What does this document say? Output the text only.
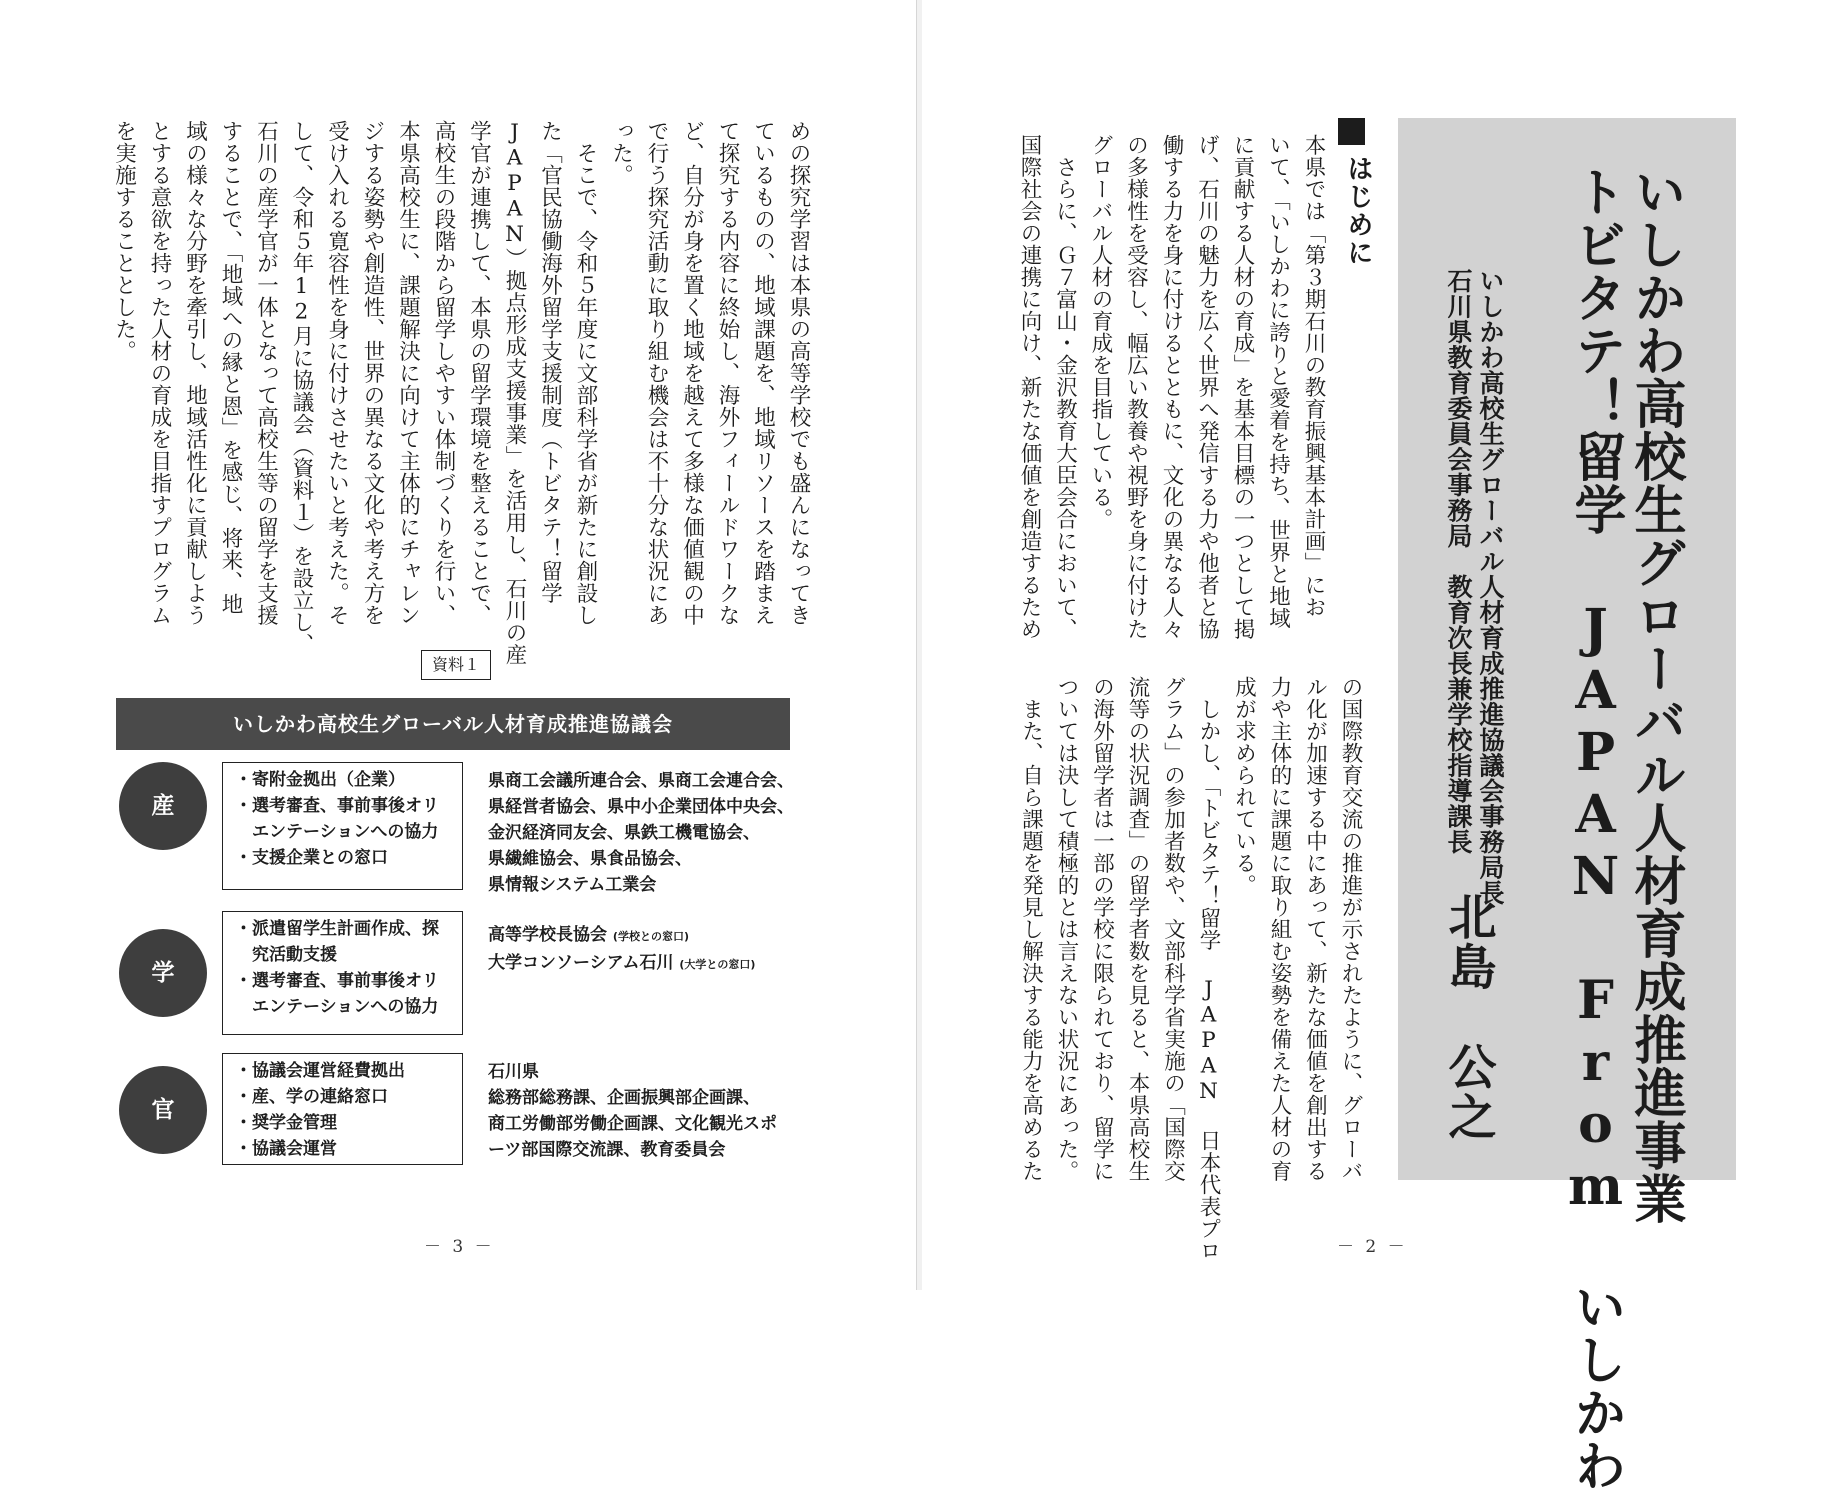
めの探究学習は本県の高等学校でも盛んになってき
ているものの、地域課題を、地域リソースを踏まえ
て探究する内容に終始し、海外フィールドワークな
ど、自分が身を置く地域を越えて多様な価値観の中
で行う探究活動に取り組む機会は不十分な状況にあ
った。
そこで、令和５年度に文部科学省が新たに創設し
た「官民協働海外留学支援制度（トビタテ！留学
JAPAN）拠点形成支援事業」を活用し、石川の産
学官が連携して、本県の留学環境を整えることで、
高校生の段階から留学しやすい体制づくりを行い、
本県高校生に、課題解決に向けて主体的にチャレン
ジする姿勢や創造性、世界の異なる文化や考え方を
受け入れる寛容性を身に付けさせたいと考えた。そ
して、令和５年12月に協議会（資料１）を設立し、
石川の産学官が一体となって高校生等の留学を支援
することで、「地域への縁と恩」を感じ、将来、地
域の様々な分野を牽引し、地域活性化に貢献しよう
とする意欲を持った人材の育成を目指すプログラム
を実施することとした。
資料１
いしかわ高校生グローバル人材育成推進協議会
産
・寄附金拠出（企業）
・選考審査、事前事後オリ
エンテーションへの協力
・支援企業との窓口
県商工会議所連合会、県商工会連合会、
県経営者協会、県中小企業団体中央会、
金沢経済同友会、県鉄工機電協会、
県繊維協会、県食品協会、
県情報システム工業会
学
・派遣留学生計画作成、探
究活動支援
・選考審査、事前事後オリ
エンテーションへの協力
高等学校長協会 (学校との窓口)
大学コンソーシアム石川 (大学との窓口)
官
・協議会運営経費拠出
・産、学の連絡窓口
・奨学金管理
・協議会運営
石川県
総務部総務課、企画振興部企画課、
商工労働部労働企画課、文化観光スポ
ーツ部国際交流課、教育委員会
－ 3 －
いしかわ高校生グローバル人材育成推進事業
トビタテ！留学 JAPAN From いしかわ
いしかわ高校生グローバル人材育成推進協議会事務局長
石川県教育委員会事務局　教育次長兼学校指導課長
北島　公之
はじめに
本県では「第３期石川の教育振興基本計画」にお
いて、「いしかわに誇りと愛着を持ち、世界と地域
に貢献する人材の育成」を基本目標の一つとして掲
げ、石川の魅力を広く世界へ発信する力や他者と協
働する力を身に付けるとともに、文化の異なる人々
の多様性を受容し、幅広い教養や視野を身に付けた
グローバル人材の育成を目指している。
さらに、Ｇ７富山・金沢教育大臣会合において、
国際社会の連携に向け、新たな価値を創造するため
の国際教育交流の推進が示されたように、グローバ
ル化が加速する中にあって、新たな価値を創出する
力や主体的に課題に取り組む姿勢を備えた人材の育
成が求められている。
しかし、「トビタテ！留学 JAPAN 日本代表プロ
グラム」の参加者数や、文部科学省実施の「国際交
流等の状況調査」の留学者数を見ると、本県高校生
の海外留学者は一部の学校に限られており、留学に
ついては決して積極的とは言えない状況にあった。
また、自ら課題を発見し解決する能力を高めるた
－ 2 －
